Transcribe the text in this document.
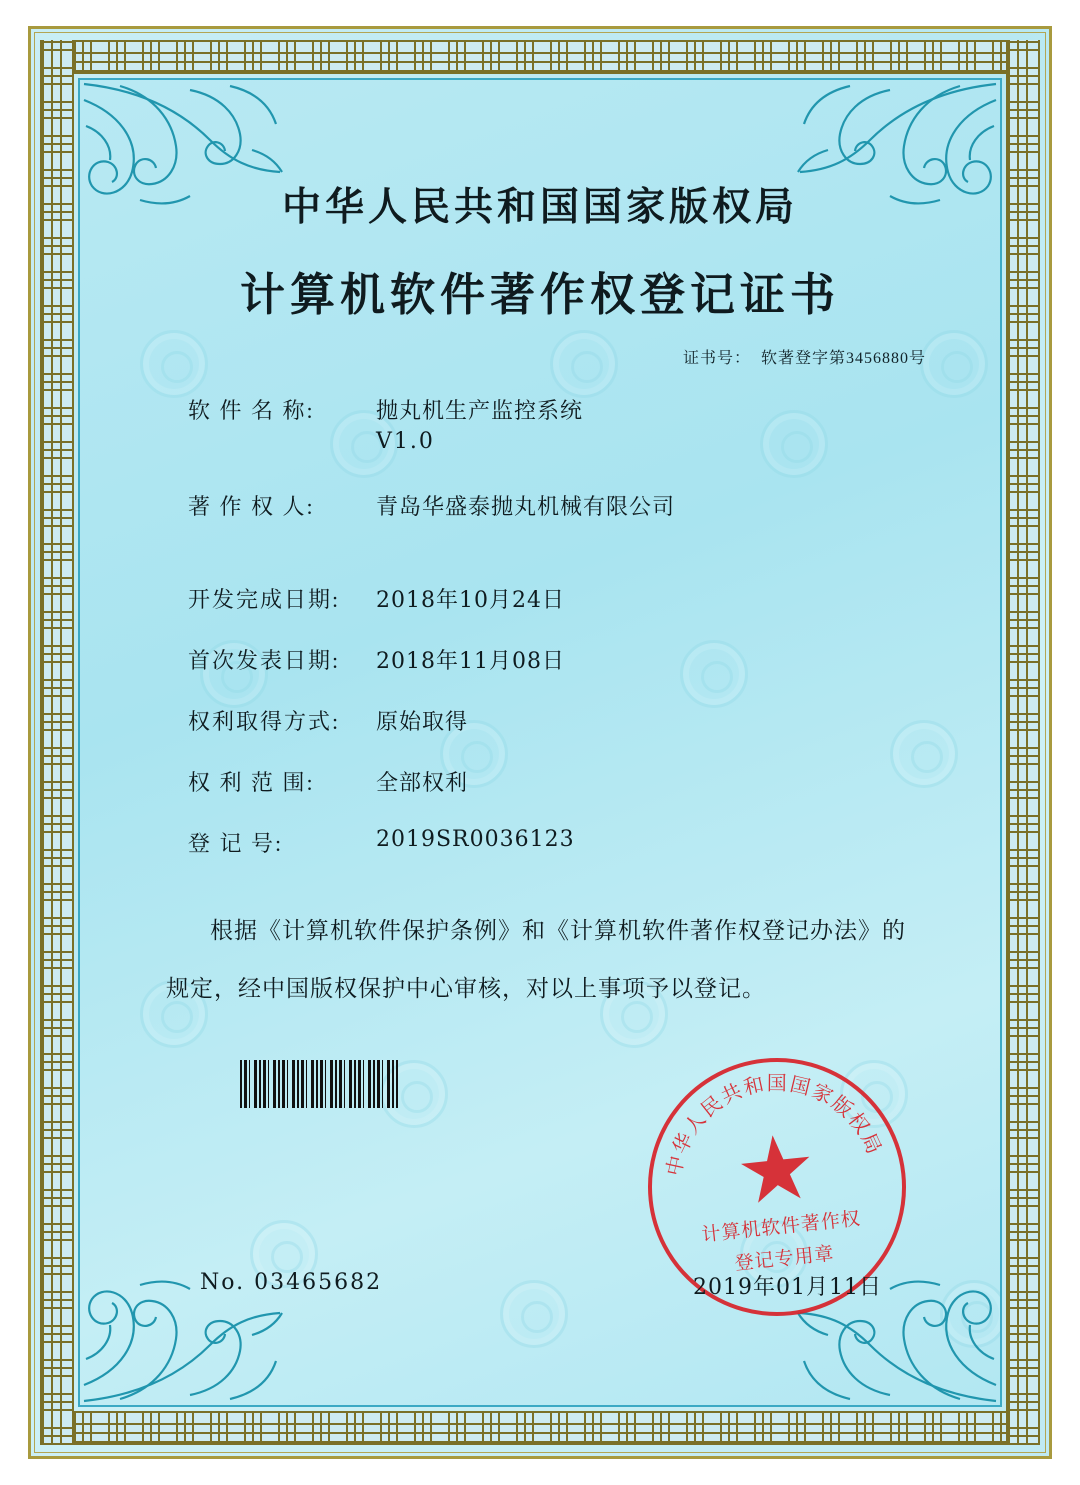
中华人民共和国国家版权局
计算机软件著作权登记证书
证书号： 软著登字第3456880号
软 件 名 称:	抛丸机生产监控系统
V1.0
著 作 权 人:	青岛华盛泰抛丸机械有限公司
开发完成日期:	2018年10月24日
首次发表日期:	2018年11月08日
权利取得方式:	原始取得
权 利 范 围:	全部权利
登 记 号:	2019SR0036123
根据《计算机软件保护条例》和《计算机软件著作权登记办法》的
规定，经中国版权保护中心审核，对以上事项予以登记。
中华人民共和国国家版权局
★
计算机软件著作权
登记专用章
No. 03465682	2019年01月11日
